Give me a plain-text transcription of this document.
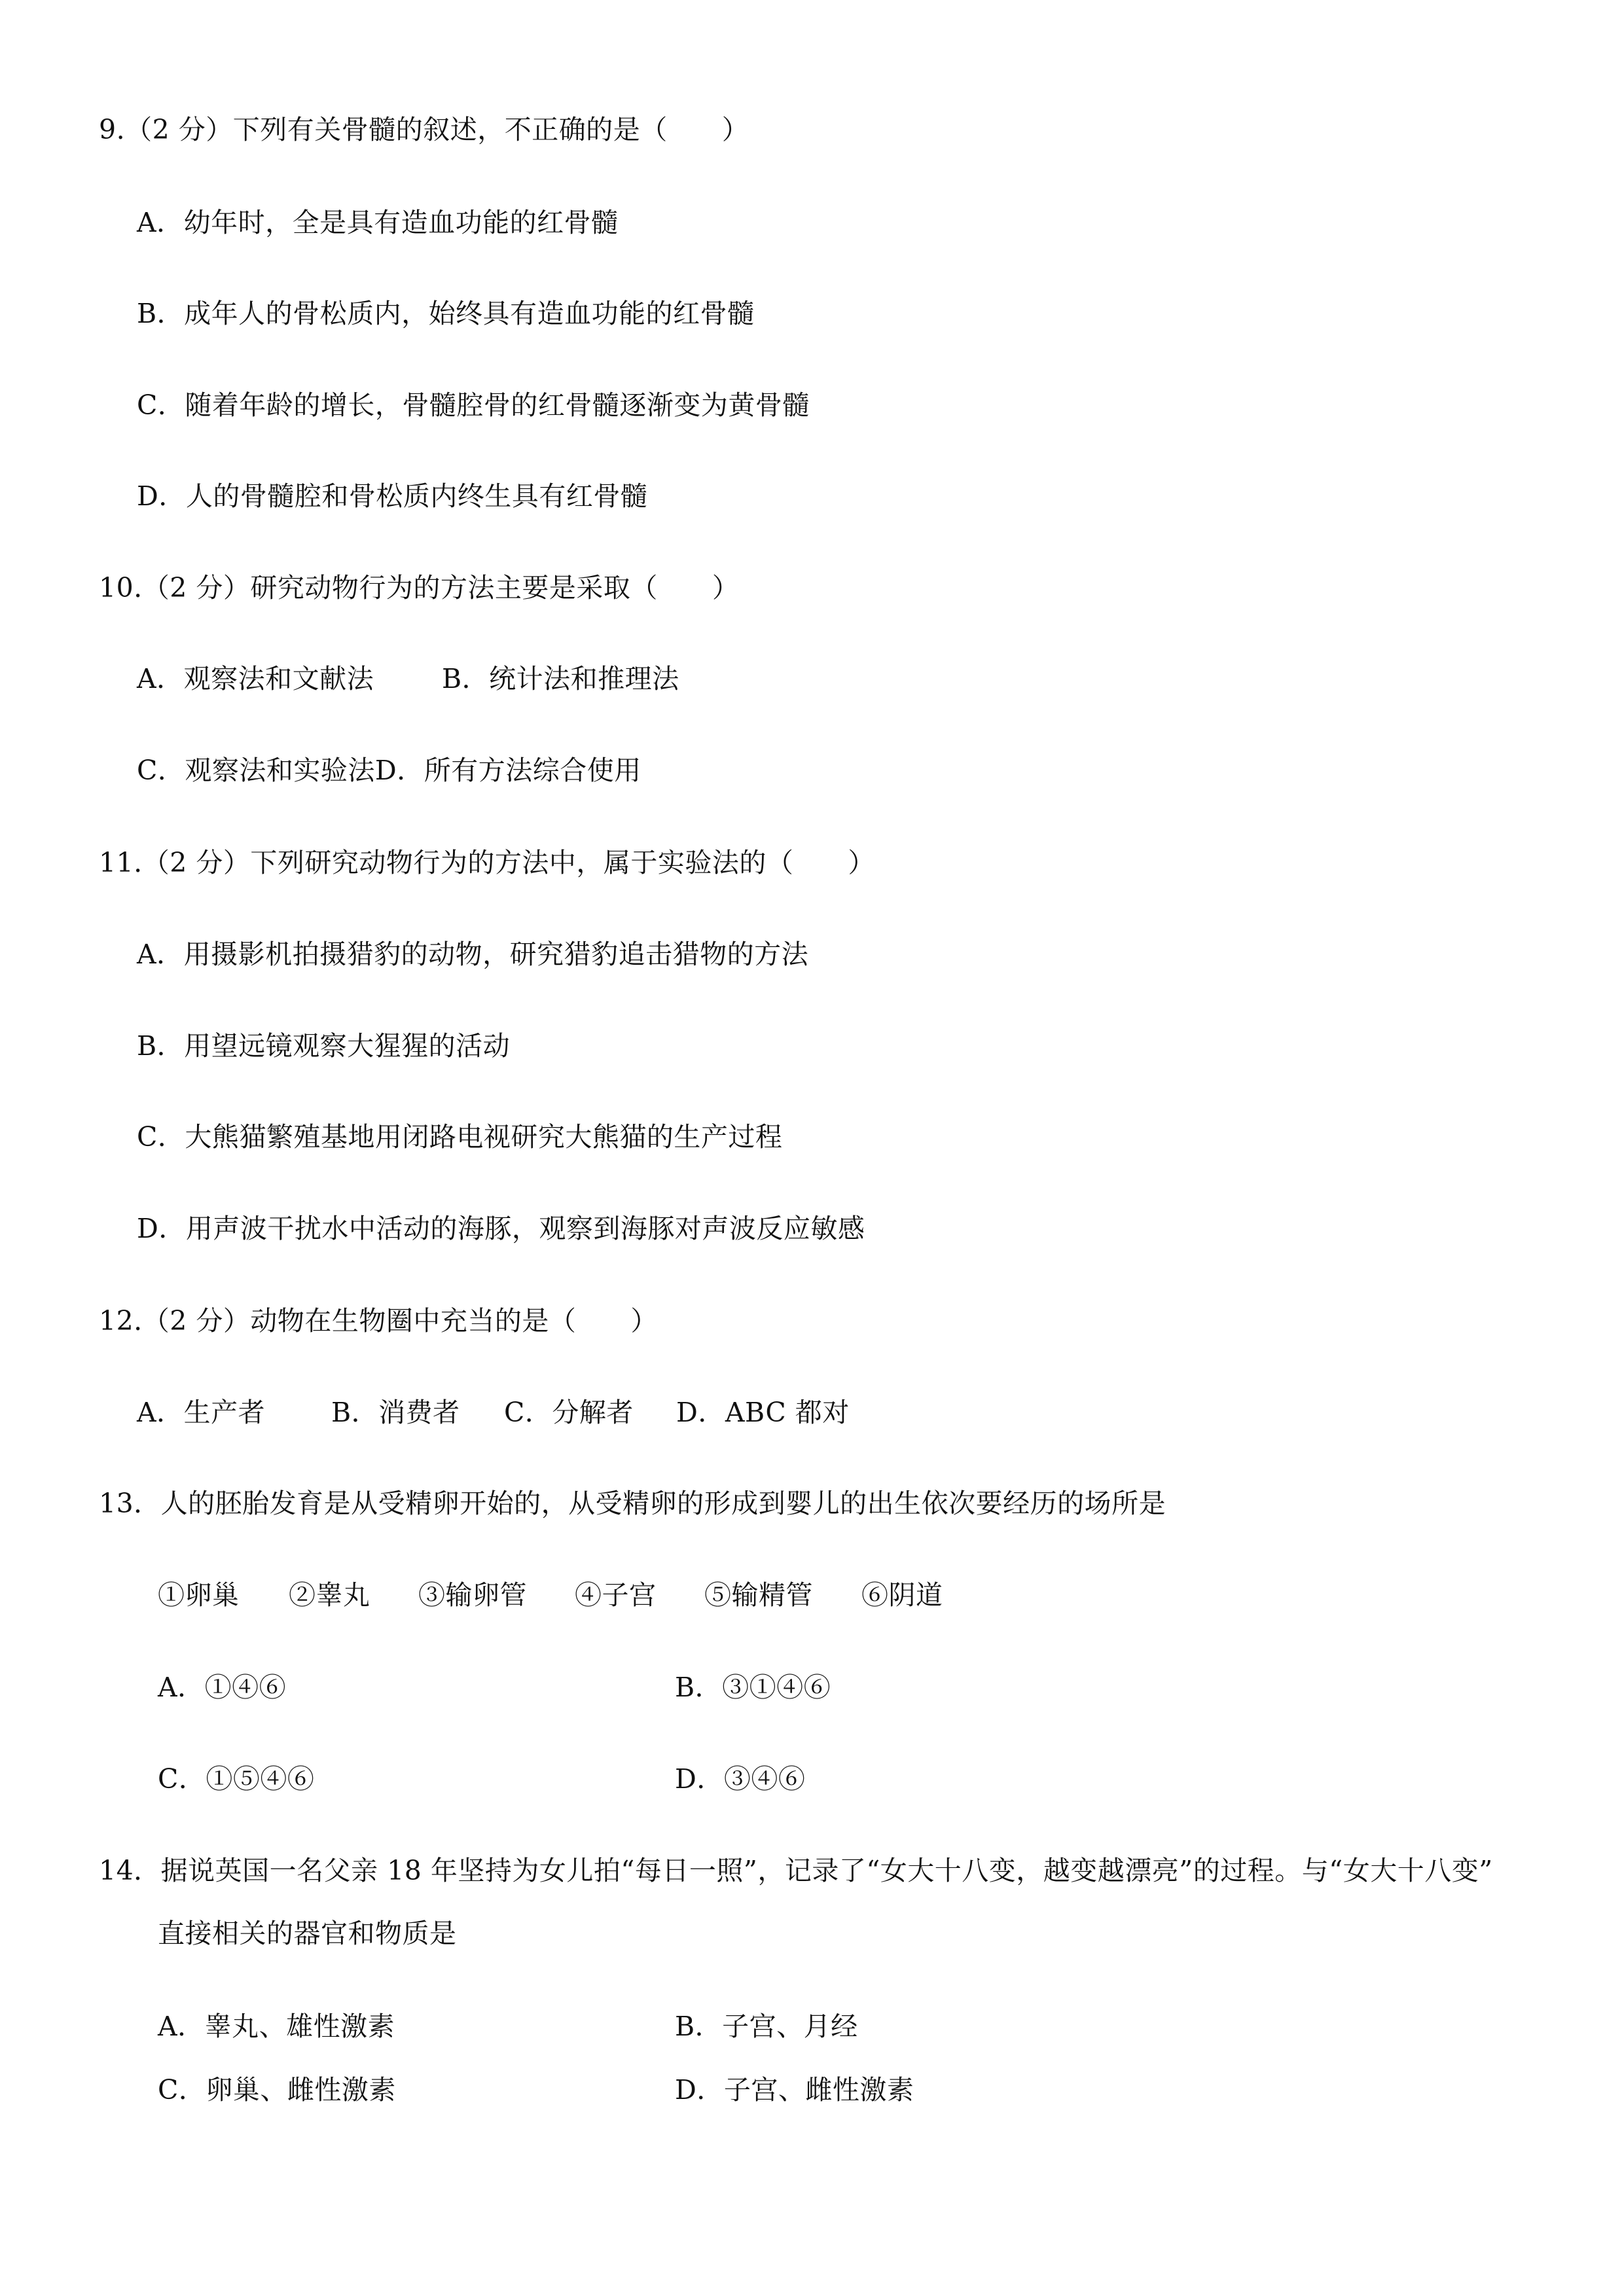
9.（2 分）下列有关骨髓的叙述，不正确的是（　　）
A．幼年时，全是具有造血功能的红骨髓
B．成年人的骨松质内，始终具有造血功能的红骨髓
C．随着年龄的增长，骨髓腔骨的红骨髓逐渐变为黄骨髓
D．人的骨髓腔和骨松质内终生具有红骨髓
10.（2 分）研究动物行为的方法主要是采取（　　）
A．观察法和文献法	B．统计法和推理法
C．观察法和实验法D．所有方法综合使用
11.（2 分）下列研究动物行为的方法中，属于实验法的（　　）
A．用摄影机拍摄猎豹的动物，研究猎豹追击猎物的方法
B．用望远镜观察大猩猩的活动
C．大熊猫繁殖基地用闭路电视研究大熊猫的生产过程
D．用声波干扰水中活动的海豚，观察到海豚对声波反应敏感
12.（2 分）动物在生物圈中充当的是（　　）
A．生产者 B．消费者 C．分解者 D．ABC 都对
13．人的胚胎发育是从受精卵开始的，从受精卵的形成到婴儿的出生依次要经历的场所是
①卵巢 ②睾丸 ③输卵管 ④子宫 ⑤输精管 ⑥阴道
A．①④⑥	B．③①④⑥
C．①⑤④⑥	D．③④⑥
14．据说英国一名父亲 18 年坚持为女儿拍“每日一照”，记录了“女大十八变，越变越漂亮”的过程。与“女大十八变”
直接相关的器官和物质是
A．睾丸、雄性激素	B．子宫、月经
C．卵巢、雌性激素	D．子宫、雌性激素
